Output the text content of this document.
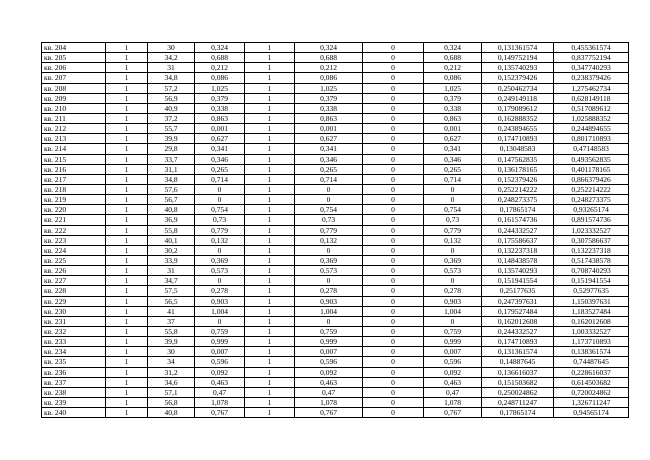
кв. 204	1	30	0,324	1	0,324	0	0,324	0,131361574	0,455361574
кв. 205	1	34,2	0,688	1	0,688	0	0,688	0,149752194	0,837752194
кв. 206	1	31	0,212	1	0,212	0	0,212	0,135740293	0,347740293
кв. 207	1	34,8	0,086	1	0,086	0	0,086	0,152379426	0,238379426
кв. 208	1	57,2	1,025	1	1,025	0	1,025	0,250462734	1,275462734
кв. 209	1	56,9	0,379	1	0,379	0	0,379	0,249149118	0,628149118
кв. 210	1	40,9	0,338	1	0,338	0	0,338	0,179089612	0,517089612
кв. 211	1	37,2	0,863	1	0,863	0	0,863	0,162888352	1,025888352
кв. 212	1	55,7	0,001	1	0,001	0	0,001	0,243894655	0,244894655
кв. 213	1	39,9	0,627	1	0,627	0	0,627	0,174710893	0,801710893
кв. 214	1	29,8	0,341	1	0,341	0	0,341	0,13048583	0,47148583
кв. 215	1	33,7	0,346	1	0,346	0	0,346	0,147562835	0,493562835
кв. 216	1	31,1	0,265	1	0,265	0	0,265	0,136178165	0,401178165
кв. 217	1	34,8	0,714	1	0,714	0	0,714	0,152379426	0,866379426
кв. 218	1	57,6	0	1	0	0	0	0,252214222	0,252214222
кв. 219	1	56,7	0	1	0	0	0	0,248273375	0,248273375
кв. 220	1	40,8	0,754	1	0,754	0	0,754	0,17865174	0,93265174
кв. 221	1	36,9	0,73	1	0,73	0	0,73	0,161574736	0,891574736
кв. 222	1	55,8	0,779	1	0,779	0	0,779	0,244332527	1,023332527
кв. 223	1	40,1	0,132	1	0,132	0	0,132	0,175586637	0,307586637
кв. 224	1	30,2	0	1	0	0	0	0,132237318	0,132237318
кв. 225	1	33,9	0,369	1	0,369	0	0,369	0,148438578	0,517438578
кв. 226	1	31	0,573	1	0,573	0	0,573	0,135740293	0,708740293
кв. 227	1	34,7	0	1	0	0	0	0,151941554	0,151941554
кв. 228	1	57,5	0,278	1	0,278	0	0,278	0,25177635	0,52977635
кв. 229	1	56,5	0,903	1	0,903	0	0,903	0,247397631	1,150397631
кв. 230	1	41	1,004	1	1,004	0	1,004	0,179527484	1,183527484
кв. 231	1	37	0	1	0	0	0	0,162012608	0,162012608
кв. 232	1	55,8	0,759	1	0,759	0	0,759	0,244332527	1,003332527
кв. 233	1	39,9	0,999	1	0,999	0	0,999	0,174710893	1,173710893
кв. 234	1	30	0,007	1	0,007	0	0,007	0,131361574	0,138361574
кв. 235	1	34	0,596	1	0,596	0	0,596	0,14887645	0,74487645
кв. 236	1	31,2	0,092	1	0,092	0	0,092	0,136616037	0,228616037
кв. 237	1	34,6	0,463	1	0,463	0	0,463	0,151503682	0,614503682
кв. 238	1	57,1	0,47	1	0,47	0	0,47	0,250024862	0,720024862
кв. 239	1	56,8	1,078	1	1,078	0	1,078	0,248711247	1,326711247
кв. 240	1	40,8	0,767	1	0,767	0	0,767	0,17865174	0,94565174
